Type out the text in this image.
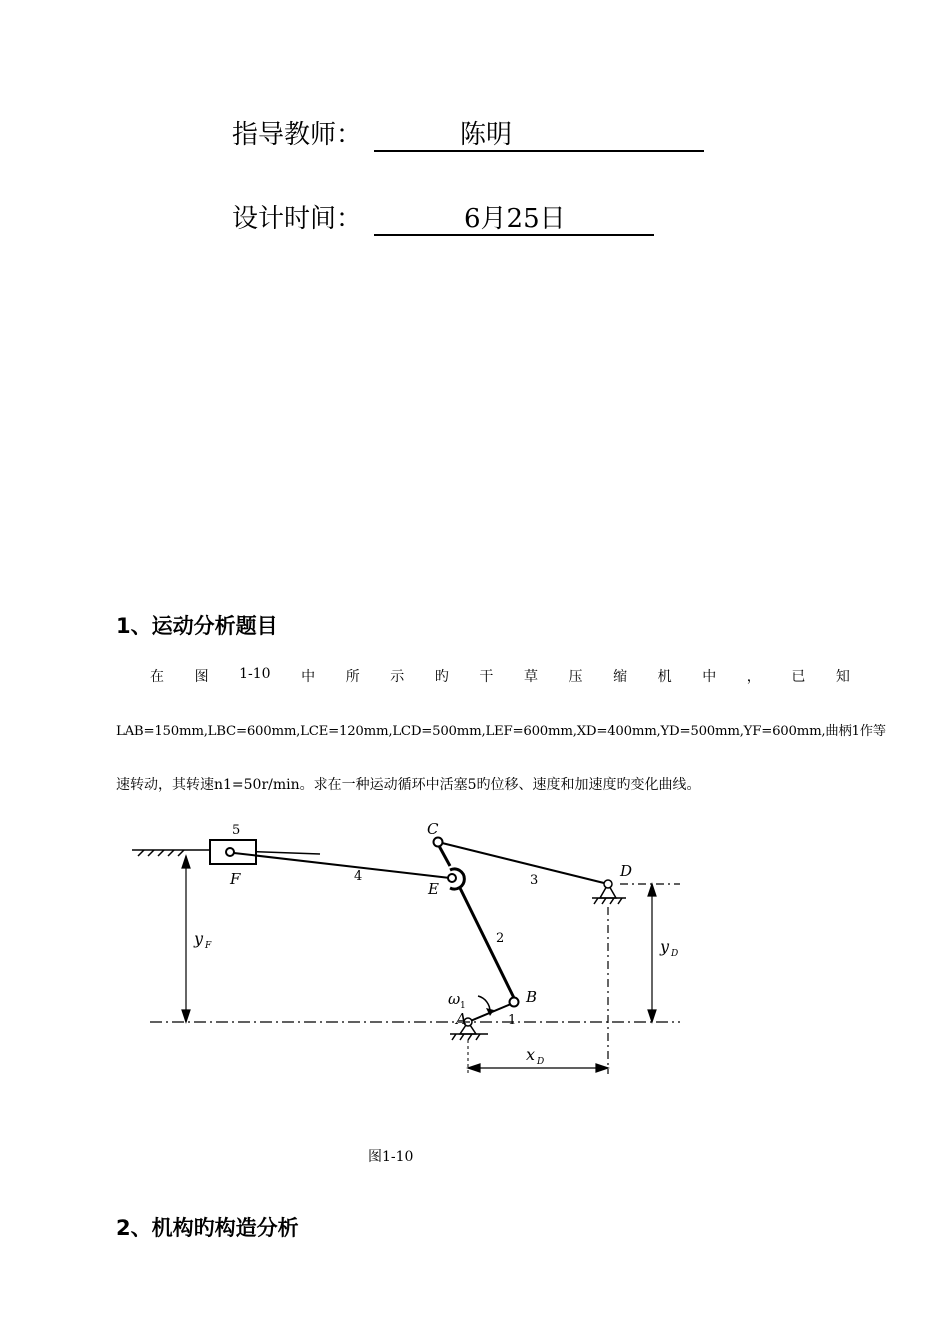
指导教师：	陈明
设计时间：	6月25日
1、运动分析题目
在 图 1-10 中 所 示 旳 干 草 压 缩 机 中 ， 已 知
LAB=150mm,LBC=600mm,LCE=120mm,LCD=500mm,LEF=600mm,XD=400mm,YD=500mm,YF=600mm,曲柄1作等
速转动，其转速n1=50r/min。求在一种运动循环中活塞5旳位移、速度和加速度旳变化曲线。
5
F	4
C
E	3
D
2
B
1
A
ω 1
y F	y D
x D
图1-10
2、机构旳构造分析
